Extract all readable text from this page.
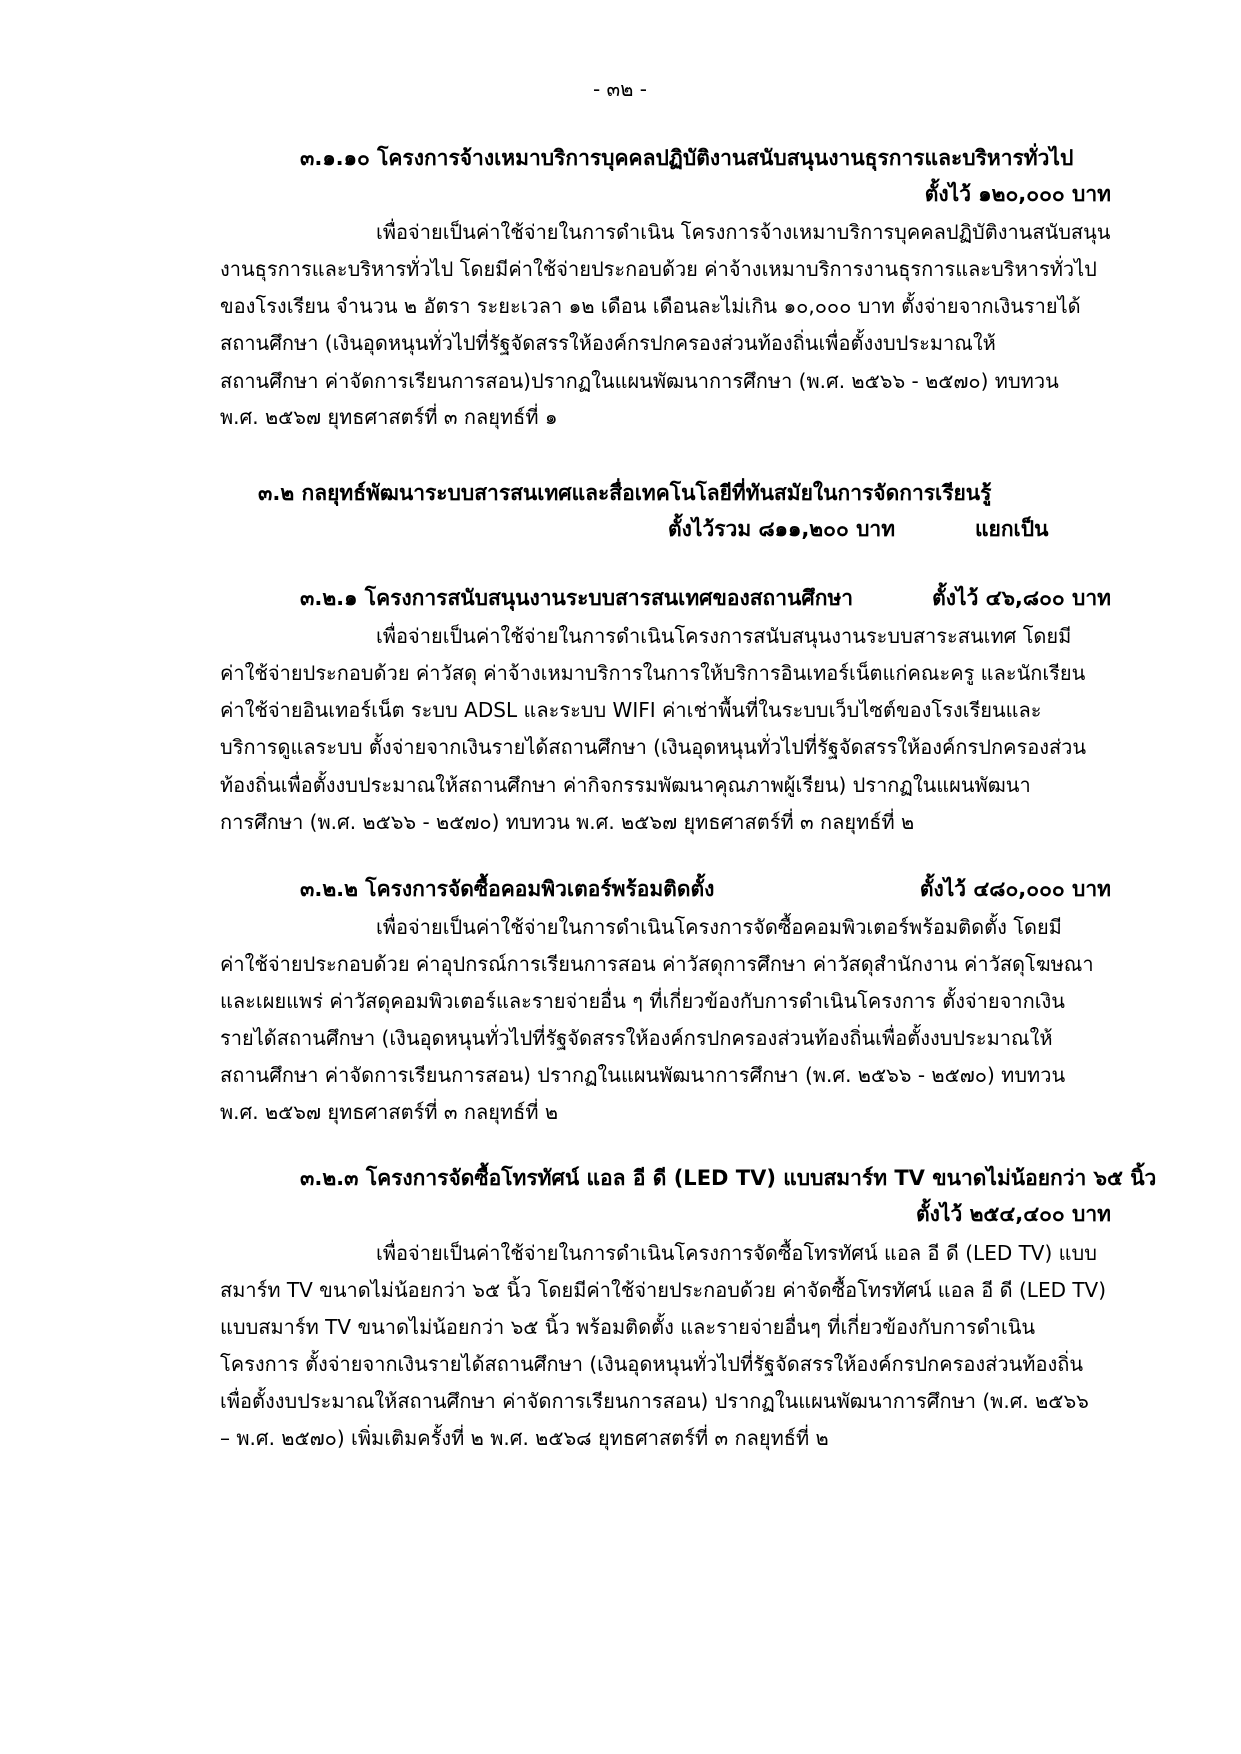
- ๓๒ -
๓.๑.๑๐ โครงการจ้างเหมาบริการบุคคลปฏิบัติงานสนับสนุนงานธุรการและบริหารทั่วไป
ตั้งไว้ ๑๒๐,๐๐๐ บาท
เพื่อจ่ายเป็นค่าใช้จ่ายในการดำเนิน โครงการจ้างเหมาบริการบุคคลปฏิบัติงานสนับสนุน
งานธุรการและบริหารทั่วไป โดยมีค่าใช้จ่ายประกอบด้วย ค่าจ้างเหมาบริการงานธุรการและบริหารทั่วไป
ของโรงเรียน จำนวน ๒ อัตรา ระยะเวลา ๑๒ เดือน เดือนละไม่เกิน ๑๐,๐๐๐ บาท ตั้งจ่ายจากเงินรายได้
สถานศึกษา (เงินอุดหนุนทั่วไปที่รัฐจัดสรรให้องค์กรปกครองส่วนท้องถิ่นเพื่อตั้งงบประมาณให้
สถานศึกษา ค่าจัดการเรียนการสอน)ปรากฏในแผนพัฒนาการศึกษา (พ.ศ. ๒๕๖๖ - ๒๕๗๐) ทบทวน
พ.ศ. ๒๕๖๗ ยุทธศาสตร์ที่ ๓ กลยุทธ์ที่ ๑
๓.๒ กลยุทธ์พัฒนาระบบสารสนเทศและสื่อเทคโนโลยีที่ทันสมัยในการจัดการเรียนรู้
ตั้งไว้รวม ๘๑๑,๒๐๐ บาท	แยกเป็น
๓.๒.๑ โครงการสนับสนุนงานระบบสารสนเทศของสถานศึกษา	ตั้งไว้ ๔๖,๘๐๐ บาท
เพื่อจ่ายเป็นค่าใช้จ่ายในการดำเนินโครงการสนับสนุนงานระบบสาระสนเทศ โดยมี
ค่าใช้จ่ายประกอบด้วย ค่าวัสดุ ค่าจ้างเหมาบริการในการให้บริการอินเทอร์เน็ตแก่คณะครู และนักเรียน
ค่าใช้จ่ายอินเทอร์เน็ต ระบบ ADSL และระบบ WIFI ค่าเช่าพื้นที่ในระบบเว็บไซต์ของโรงเรียนและ
บริการดูแลระบบ ตั้งจ่ายจากเงินรายได้สถานศึกษา (เงินอุดหนุนทั่วไปที่รัฐจัดสรรให้องค์กรปกครองส่วน
ท้องถิ่นเพื่อตั้งงบประมาณให้สถานศึกษา ค่ากิจกรรมพัฒนาคุณภาพผู้เรียน) ปรากฏในแผนพัฒนา
การศึกษา (พ.ศ. ๒๕๖๖ - ๒๕๗๐) ทบทวน พ.ศ. ๒๕๖๗ ยุทธศาสตร์ที่ ๓ กลยุทธ์ที่ ๒
๓.๒.๒ โครงการจัดซื้อคอมพิวเตอร์พร้อมติดตั้ง	ตั้งไว้ ๔๘๐,๐๐๐ บาท
เพื่อจ่ายเป็นค่าใช้จ่ายในการดำเนินโครงการจัดซื้อคอมพิวเตอร์พร้อมติดตั้ง โดยมี
ค่าใช้จ่ายประกอบด้วย ค่าอุปกรณ์การเรียนการสอน ค่าวัสดุการศึกษา ค่าวัสดุสำนักงาน ค่าวัสดุโฆษณา
และเผยแพร่ ค่าวัสดุคอมพิวเตอร์และรายจ่ายอื่น ๆ ที่เกี่ยวข้องกับการดำเนินโครงการ ตั้งจ่ายจากเงิน
รายได้สถานศึกษา (เงินอุดหนุนทั่วไปที่รัฐจัดสรรให้องค์กรปกครองส่วนท้องถิ่นเพื่อตั้งงบประมาณให้
สถานศึกษา ค่าจัดการเรียนการสอน) ปรากฏในแผนพัฒนาการศึกษา (พ.ศ. ๒๕๖๖ - ๒๕๗๐) ทบทวน
พ.ศ. ๒๕๖๗ ยุทธศาสตร์ที่ ๓ กลยุทธ์ที่ ๒
๓.๒.๓ โครงการจัดซื้อโทรทัศน์ แอล อี ดี (LED TV) แบบสมาร์ท TV ขนาดไม่น้อยกว่า ๖๕ นิ้ว
ตั้งไว้ ๒๕๔,๔๐๐ บาท
เพื่อจ่ายเป็นค่าใช้จ่ายในการดำเนินโครงการจัดซื้อโทรทัศน์ แอล อี ดี (LED TV) แบบ
สมาร์ท TV ขนาดไม่น้อยกว่า ๖๕ นิ้ว โดยมีค่าใช้จ่ายประกอบด้วย ค่าจัดซื้อโทรทัศน์ แอล อี ดี (LED TV)
แบบสมาร์ท TV ขนาดไม่น้อยกว่า ๖๕ นิ้ว พร้อมติดตั้ง และรายจ่ายอื่นๆ ที่เกี่ยวข้องกับการดำเนิน
โครงการ ตั้งจ่ายจากเงินรายได้สถานศึกษา (เงินอุดหนุนทั่วไปที่รัฐจัดสรรให้องค์กรปกครองส่วนท้องถิ่น
เพื่อตั้งงบประมาณให้สถานศึกษา ค่าจัดการเรียนการสอน) ปรากฏในแผนพัฒนาการศึกษา (พ.ศ. ๒๕๖๖
– พ.ศ. ๒๕๗๐) เพิ่มเติมครั้งที่ ๒ พ.ศ. ๒๕๖๘ ยุทธศาสตร์ที่ ๓ กลยุทธ์ที่ ๒
